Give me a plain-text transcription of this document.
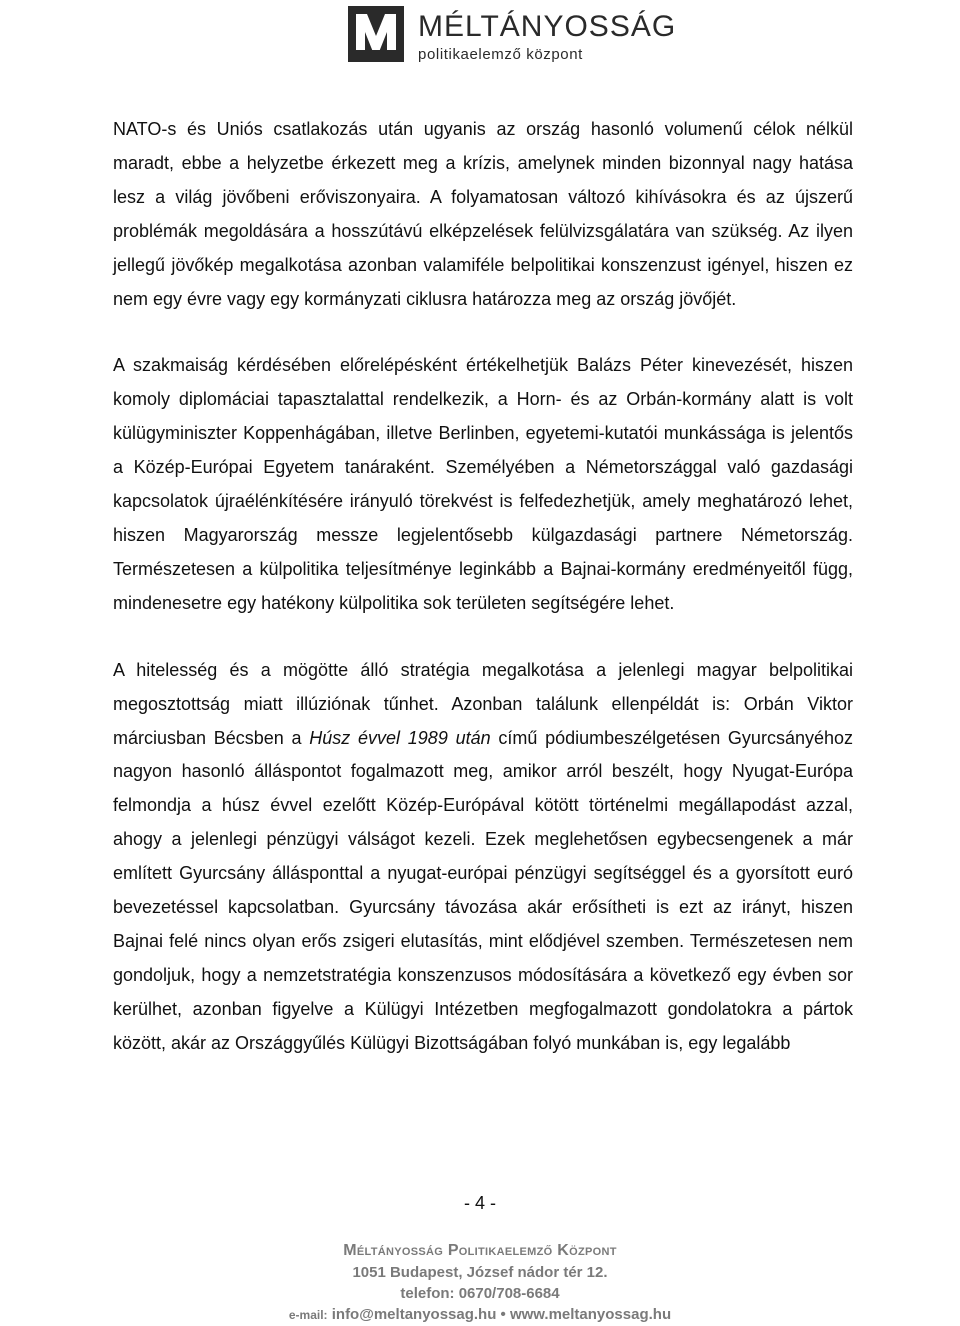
MÉLTÁNYOSSÁG
politikaelemző központ

NATO-s és Uniós csatlakozás után ugyanis az ország hasonló volumenű célok nélkül maradt, ebbe a helyzetbe érkezett meg a krízis, amelynek minden bizonnyal nagy hatása lesz a világ jövőbeni erőviszonyaira. A folyamatosan változó kihívásokra és az újszerű problémák megoldására a hosszútávú elképzelések felülvizsgálatára van szükség. Az ilyen jellegű jövőkép megalkotása azonban valamiféle belpolitikai konszenzust igényel, hiszen ez nem egy évre vagy egy kormányzati ciklusra határozza meg az ország jövőjét.

A szakmaiság kérdésében előrelépésként értékelhetjük Balázs Péter kinevezését, hiszen komoly diplomáciai tapasztalattal rendelkezik, a Horn- és az Orbán-kormány alatt is volt külügyminiszter Koppenhágában, illetve Berlinben, egyetemi-kutatói munkássága is jelentős a Közép-Európai Egyetem tanáraként. Személyében a Németországgal való gazdasági kapcsolatok újraélénkítésére irányuló törekvést is felfedezhetjük, amely meghatározó lehet, hiszen Magyarország messze legjelentősebb külgazdasági partnere Németország. Természetesen a külpolitika teljesítménye leginkább a Bajnai-kormány eredményeitől függ, mindenesetre egy hatékony külpolitika sok területen segítségére lehet.

A hitelesség és a mögötte álló stratégia megalkotása a jelenlegi magyar belpolitikai megosztottság miatt illúziónak tűnhet. Azonban találunk ellenpéldát is: Orbán Viktor márciusban Bécsben a Húsz évvel 1989 után című pódiumbeszélgetésen Gyurcsányéhoz nagyon hasonló álláspontot fogalmazott meg, amikor arról beszélt, hogy Nyugat-Európa felmondja a húsz évvel ezelőtt Közép-Európával kötött történelmi megállapodást azzal, ahogy a jelenlegi pénzügyi válságot kezeli. Ezek meglehetősen egybecsengenek a már említett Gyurcsány állásponttal a nyugat-európai pénzügyi segítséggel és a gyorsított euró bevezetéssel kapcsolatban. Gyurcsány távozása akár erősítheti is ezt az irányt, hiszen Bajnai felé nincs olyan erős zsigeri elutasítás, mint elődjével szemben. Természetesen nem gondoljuk, hogy a nemzetstratégia konszenzusos módosítására a következő egy évben sor kerülhet, azonban figyelve a Külügyi Intézetben megfogalmazott gondolatokra a pártok között, akár az Országgyűlés Külügyi Bizottságában folyó munkában is, egy legalább

- 4 -
Méltányosság Politikaelemző Központ
1051 Budapest, József nádor tér 12.
telefon: 0670/708-6684
e-mail: info@meltanyossag.hu • www.meltanyossag.hu
